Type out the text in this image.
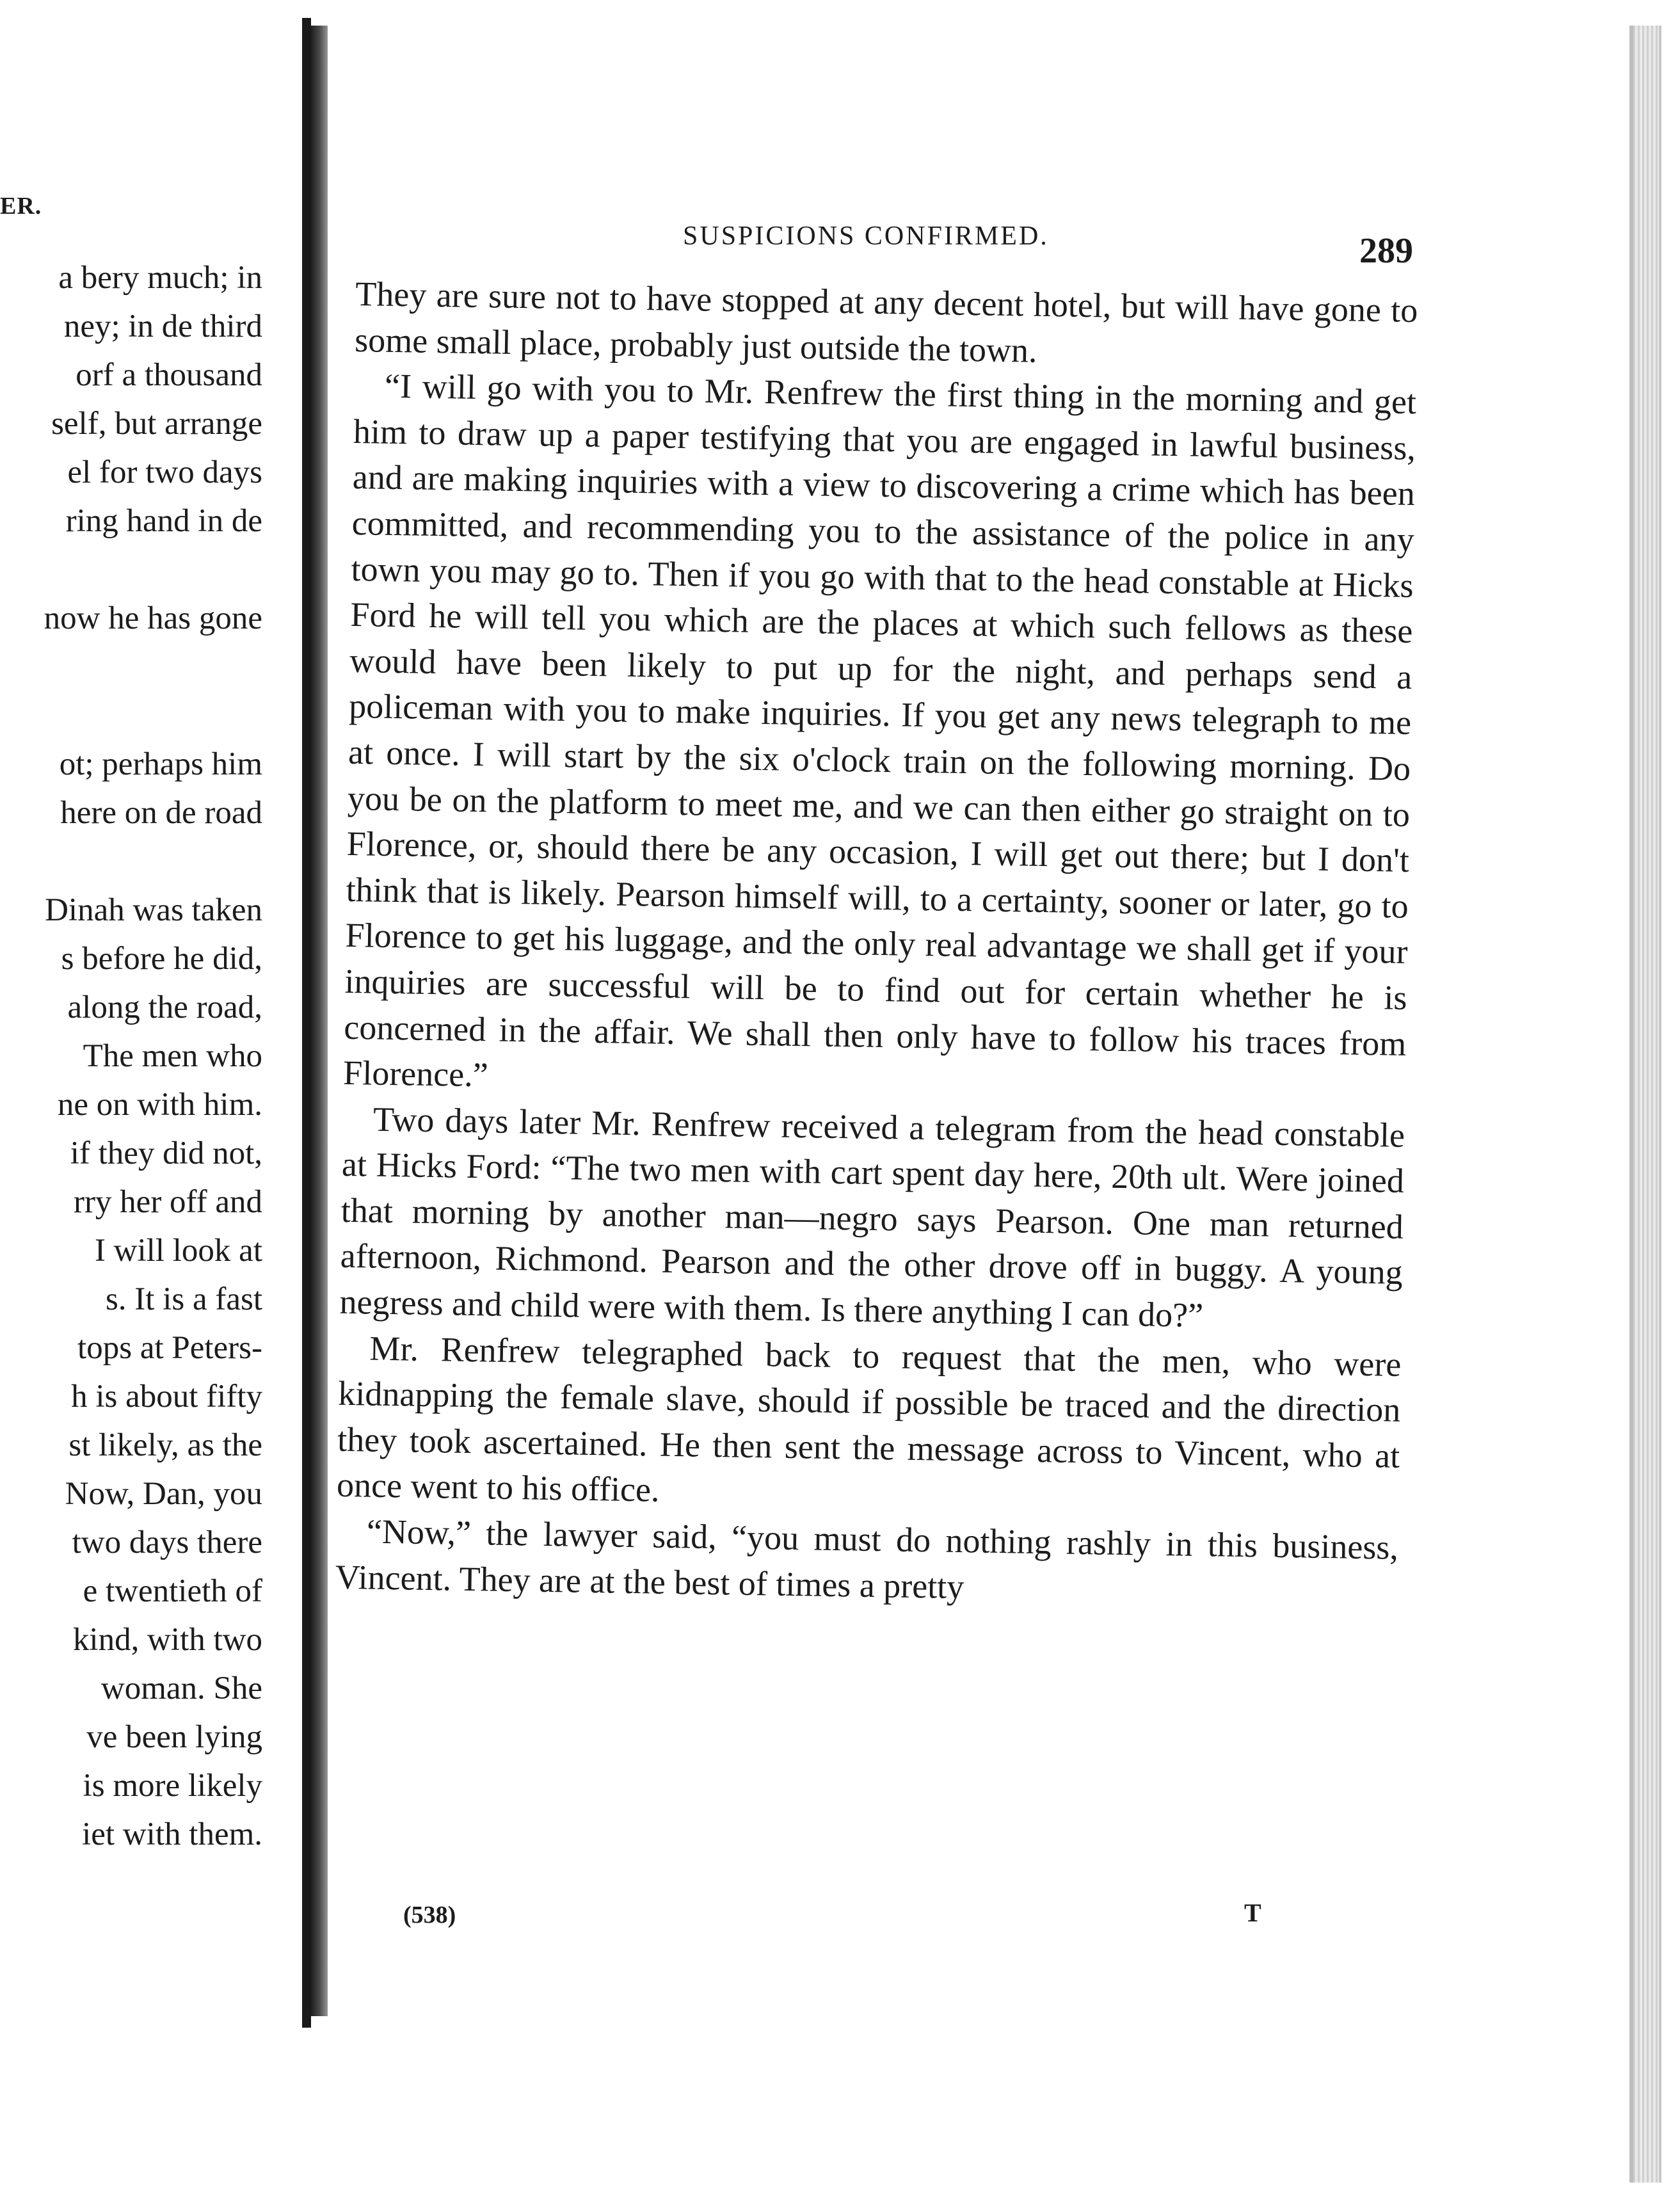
ER.
a bery much; in
ney; in de third
orf a thousand
self, but arrange
el for two days
ring hand in de
now he has gone
ot; perhaps him
here on de road
Dinah was taken
s before he did,
along the road,
The men who
ne on with him.
if they did not,
rry her off and
I will look at
s. It is a fast
tops at Peters-
h is about fifty
st likely, as the
Now, Dan, you
two days there
e twentieth of
kind, with two
woman. She
ve been lying
is more likely
iet with them.
SUSPICIONS CONFIRMED.	289

They are sure not to have stopped at any decent hotel, but will have gone to some small place, probably just outside the town.

“I will go with you to Mr. Renfrew the first thing in the morning and get him to draw up a paper testifying that you are engaged in lawful business, and are making inquiries with a view to discovering a crime which has been committed, and recommending you to the assistance of the police in any town you may go to. Then if you go with that to the head constable at Hicks Ford he will tell you which are the places at which such fellows as these would have been likely to put up for the night, and perhaps send a policeman with you to make inquiries. If you get any news telegraph to me at once. I will start by the six o'clock train on the following morning. Do you be on the platform to meet me, and we can then either go straight on to Florence, or, should there be any occasion, I will get out there; but I don't think that is likely. Pearson himself will, to a certainty, sooner or later, go to Florence to get his luggage, and the only real advantage we shall get if your inquiries are successful will be to find out for certain whether he is concerned in the affair. We shall then only have to follow his traces from Florence.”

Two days later Mr. Renfrew received a telegram from the head constable at Hicks Ford: “The two men with cart spent day here, 20th ult. Were joined that morning by another man—negro says Pearson. One man returned afternoon, Richmond. Pearson and the other drove off in buggy. A young negress and child were with them. Is there anything I can do?”

Mr. Renfrew telegraphed back to request that the men, who were kidnapping the female slave, should if possible be traced and the direction they took ascertained. He then sent the message across to Vincent, who at once went to his office.

“Now,” the lawyer said, “you must do nothing rashly in this business, Vincent. They are at the best of times a pretty

(538)	T
